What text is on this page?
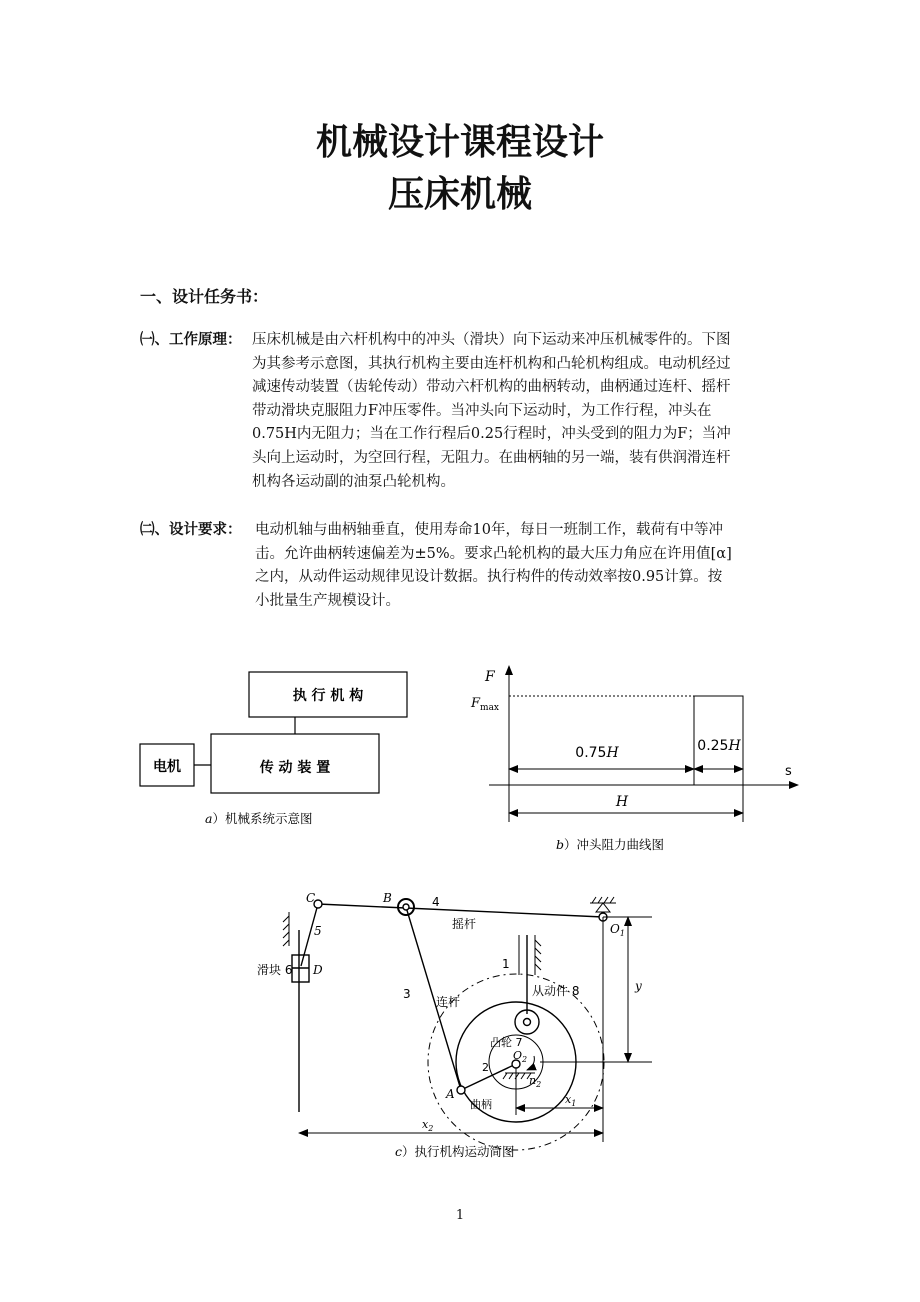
机械设计课程设计
压床机械
一、设计任务书：
㈠、工作原理： 压床机械是由六杆机构中的冲头（滑块）向下运动来冲压机械零件的。下图
为其参考示意图，其执行机构主要由连杆机构和凸轮机构组成。电动机经过
减速传动装置（齿轮传动）带动六杆机构的曲柄转动，曲柄通过连杆、摇杆
带动滑块克服阻力F冲压零件。当冲头向下运动时，为工作行程，冲头在
0.75H内无阻力；当在工作行程后0.25行程时，冲头受到的阻力为F；当冲
头向上运动时，为空回行程，无阻力。在曲柄轴的另一端，装有供润滑连杆
机构各运动副的油泵凸轮机构。
㈡、设计要求： 电动机轴与曲柄轴垂直，使用寿命10年，每日一班制工作，载荷有中等冲
击。允许曲柄转速偏差为±5%。要求凸轮机构的最大压力角应在许用值[α]
之内，从动件运动规律见设计数据。执行构件的传动效率按0.95计算。按
小批量生产规模设计。
执 行 机 构
电机	传 动 装 置
a）机械系统示意图
F
$F_{max}$
0.75H	0.25H
H
s
b）冲头阻力曲线图
C	B	4
摇杆
5	$O_1$
滑块 6 D	1
y
从动件 8
3
连杆
凸轮 7
$O_2$
2
$n_2$
A
曲柄	$x_1$
$x_2$
c）执行机构运动简图
1
